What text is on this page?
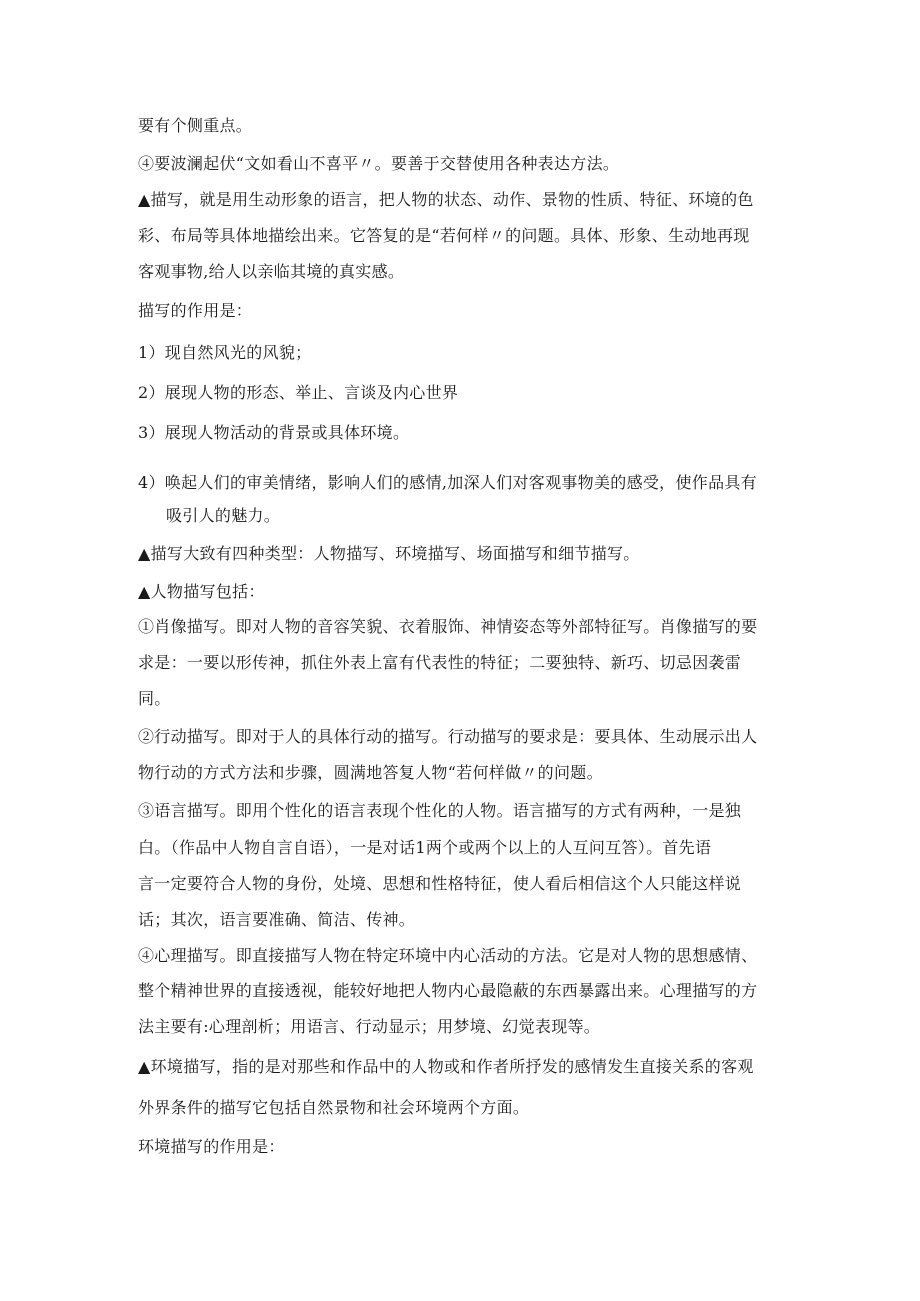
要有个侧重点。
④要波澜起伏“文如看山不喜平〃。要善于交替使用各种表达方法。
▲描写，就是用生动形象的语言，把人物的状态、动作、景物的性质、特征、环境的色
彩、布局等具体地描绘出来。它答复的是“若何样〃的问题。具体、形象、生动地再现
客观事物,给人以亲临其境的真实感。
描写的作用是：
1）现自然风光的风貌；
2）展现人物的形态、举止、言谈及内心世界
3）展现人物活动的背景或具体环境。
4）唤起人们的审美情绪，影响人们的感情,加深人们对客观事物美的感受，使作品具有
吸引人的魅力。
▲描写大致有四种类型：人物描写、环境描写、场面描写和细节描写。
▲人物描写包括：
①肖像描写。即对人物的音容笑貌、衣着服饰、神情姿态等外部特征写。肖像描写的要
求是：一要以形传神，抓住外表上富有代表性的特征；二要独特、新巧、切忌因袭雷
同。
②行动描写。即对于人的具体行动的描写。行动描写的要求是：要具体、生动展示出人
物行动的方式方法和步骤，圆满地答复人物“若何样做〃的问题。
③语言描写。即用个性化的语言表现个性化的人物。语言描写的方式有两种，一是独
白。（作品中人物自言自语），一是对话1两个或两个以上的人互问互答）。首先语
言一定要符合人物的身份，处境、思想和性格特征，使人看后相信这个人只能这样说
话；其次，语言要准确、简洁、传神。
④心理描写。即直接描写人物在特定环境中内心活动的方法。它是对人物的思想感情、
整个精神世界的直接透视，能较好地把人物内心最隐蔽的东西暴露出来。心理描写的方
法主要有:心理剖析；用语言、行动显示；用梦境、幻觉表现等。
▲环境描写，指的是对那些和作品中的人物或和作者所抒发的感情发生直接关系的客观
外界条件的描写它包括自然景物和社会环境两个方面。
环境描写的作用是：
